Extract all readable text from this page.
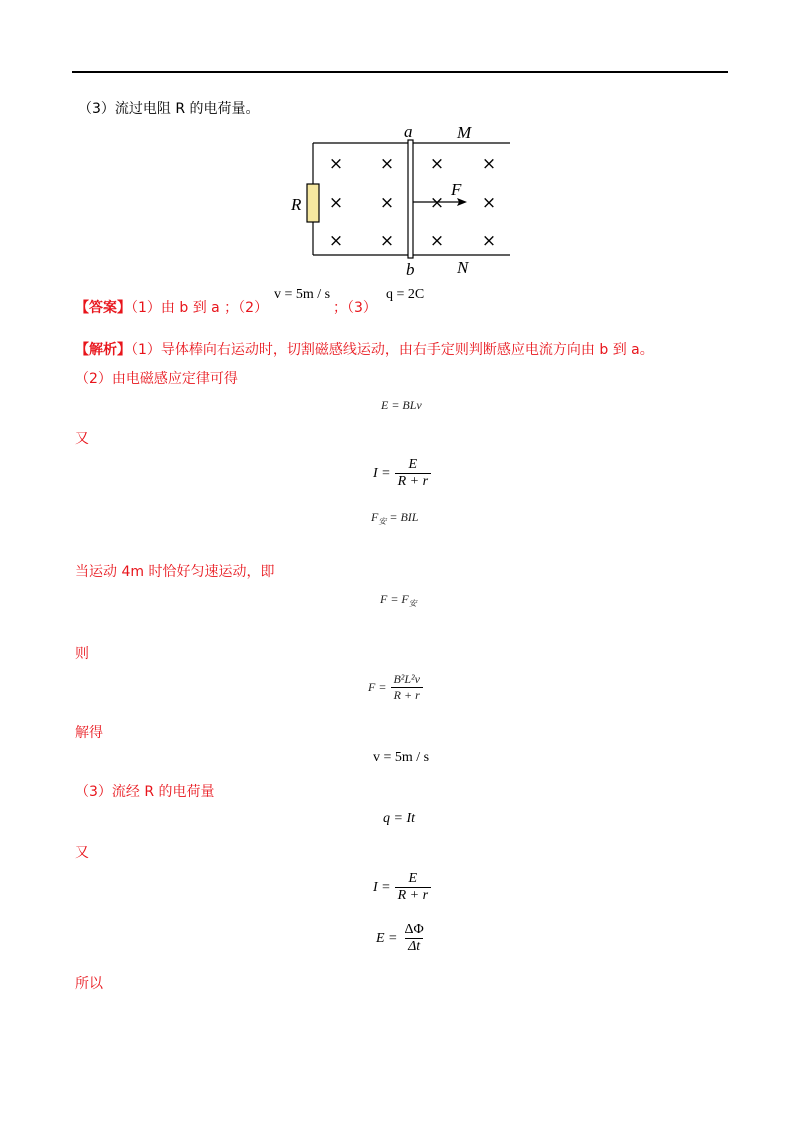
（3）流过电阻 R 的电荷量。
× × × ×
× × × ×
× × × ×
a	M
b	N
R
F
【答案】（1）由 b 到 a ；（2）
v = 5m / s
；（3）
q = 2C
【解析】（1）导体棒向右运动时，切割磁感线运动，由右手定则判断感应电流方向由 b 到 a。
（2）由电磁感应定律可得
E = BLv
又
$I = \frac{E}{R + r}$
$F_安$ = BIL
当运动 4m 时恰好匀速运动，即
$F = F_安$
则
$F = \frac{\text{B²L²v}}{R + r}$
解得
v = 5m / s
（3）流经 R 的电荷量
q = It
又
$I = \frac{E}{R + r}$
$E = \frac{\Delta\Phi}{\Delta t}$
所以
